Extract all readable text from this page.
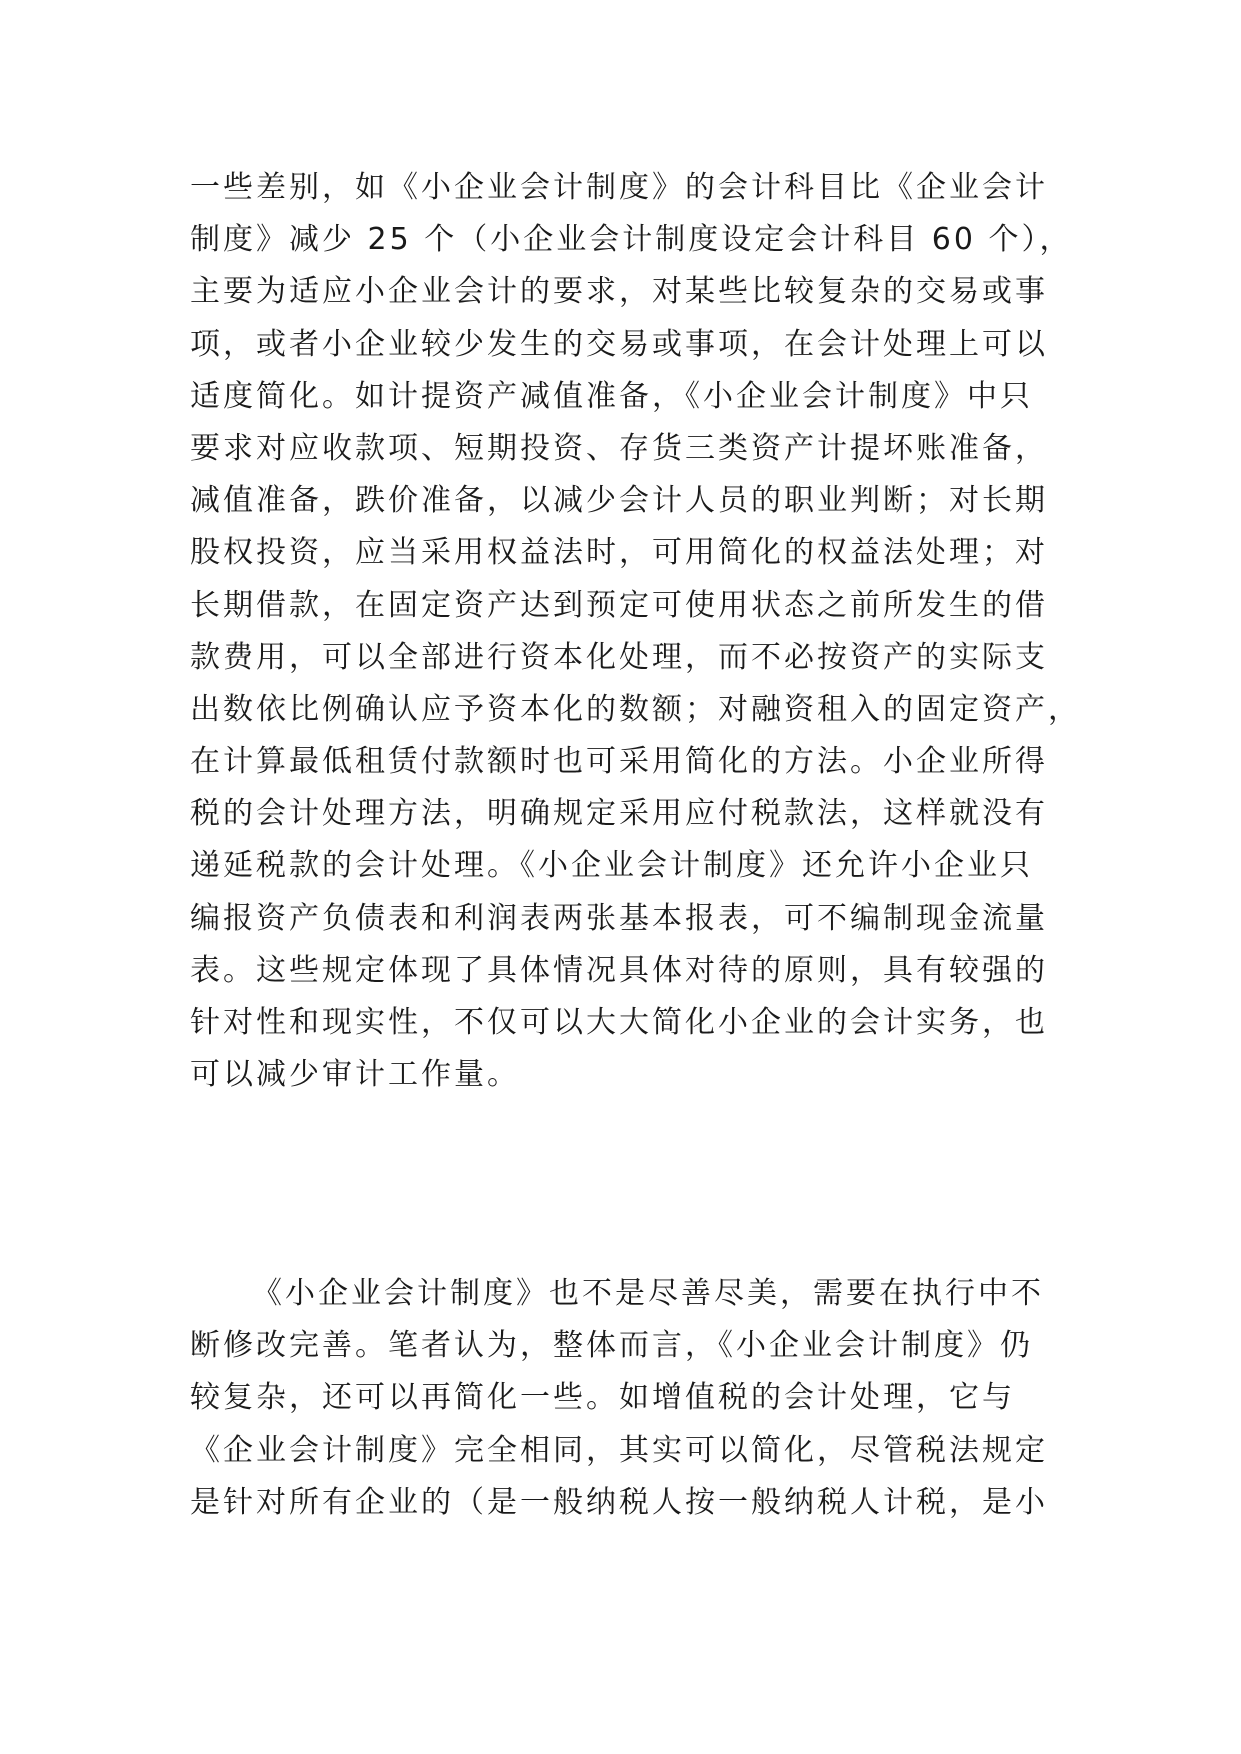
一些差别，如《小企业会计制度》的会计科目比《企业会计
制度》减少 25 个（小企业会计制度设定会计科目 60 个），
主要为适应小企业会计的要求，对某些比较复杂的交易或事
项，或者小企业较少发生的交易或事项，在会计处理上可以
适度简化。如计提资产减值准备，《小企业会计制度》中只
要求对应收款项、短期投资、存货三类资产计提坏账准备，
减值准备，跌价准备，以减少会计人员的职业判断；对长期
股权投资，应当采用权益法时，可用简化的权益法处理；对
长期借款，在固定资产达到预定可使用状态之前所发生的借
款费用，可以全部进行资本化处理，而不必按资产的实际支
出数依比例确认应予资本化的数额；对融资租入的固定资产，
在计算最低租赁付款额时也可采用简化的方法。小企业所得
税的会计处理方法，明确规定采用应付税款法，这样就没有
递延税款的会计处理。《小企业会计制度》还允许小企业只
编报资产负债表和利润表两张基本报表，可不编制现金流量
表。这些规定体现了具体情况具体对待的原则，具有较强的
针对性和现实性，不仅可以大大简化小企业的会计实务，也
可以减少审计工作量。
《小企业会计制度》也不是尽善尽美，需要在执行中不
断修改完善。笔者认为，整体而言，《小企业会计制度》仍
较复杂，还可以再简化一些。如增值税的会计处理，它与
《企业会计制度》完全相同，其实可以简化，尽管税法规定
是针对所有企业的（是一般纳税人按一般纳税人计税，是小
